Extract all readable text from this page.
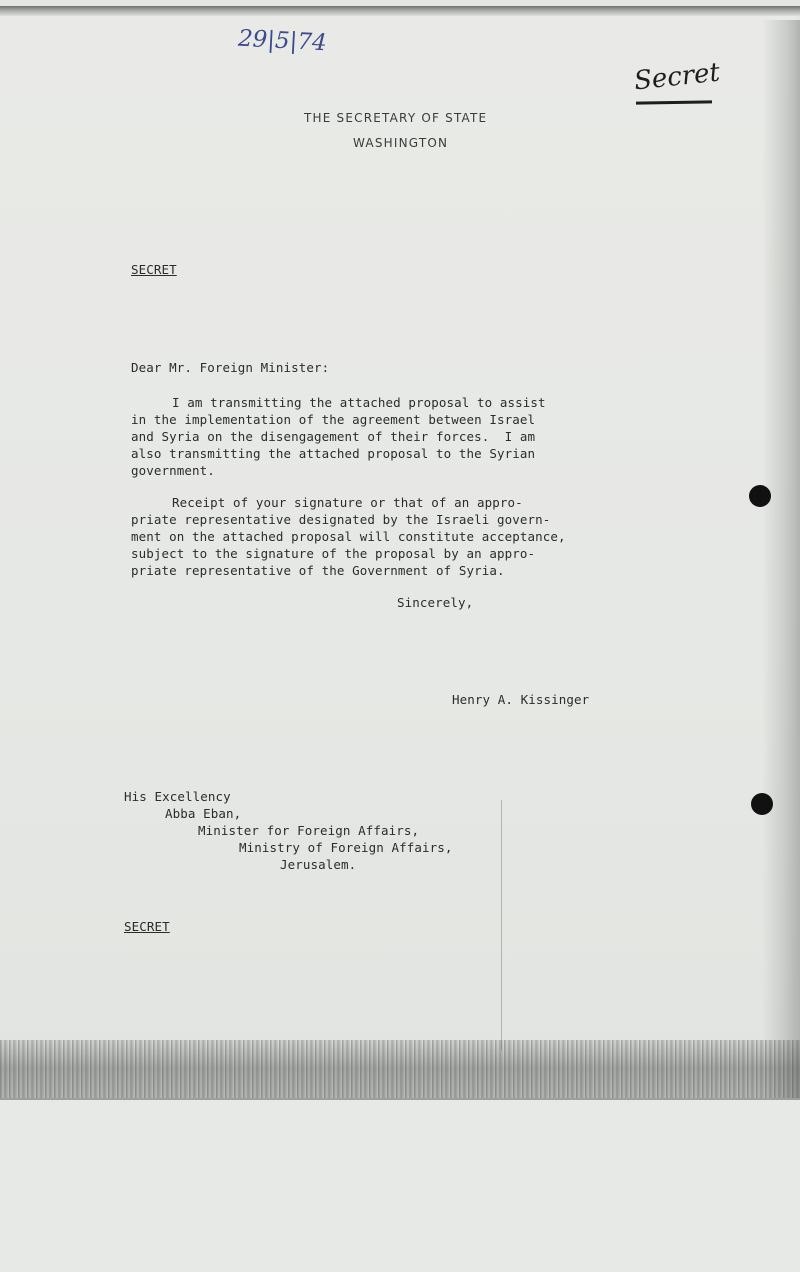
29|5|74
Secret
THE SECRETARY OF STATE
WASHINGTON
SECRET
Dear Mr. Foreign Minister:
I am transmitting the attached proposal to assist
in the implementation of the agreement between Israel
and Syria on the disengagement of their forces.  I am
also transmitting the attached proposal to the Syrian
government.
Receipt of your signature or that of an appro-
priate representative designated by the Israeli govern-
ment on the attached proposal will constitute acceptance,
subject to the signature of the proposal by an appro-
priate representative of the Government of Syria.
Sincerely,
Henry A. Kissinger
His Excellency
Abba Eban,
Minister for Foreign Affairs,
Ministry of Foreign Affairs,
Jerusalem.
SECRET
